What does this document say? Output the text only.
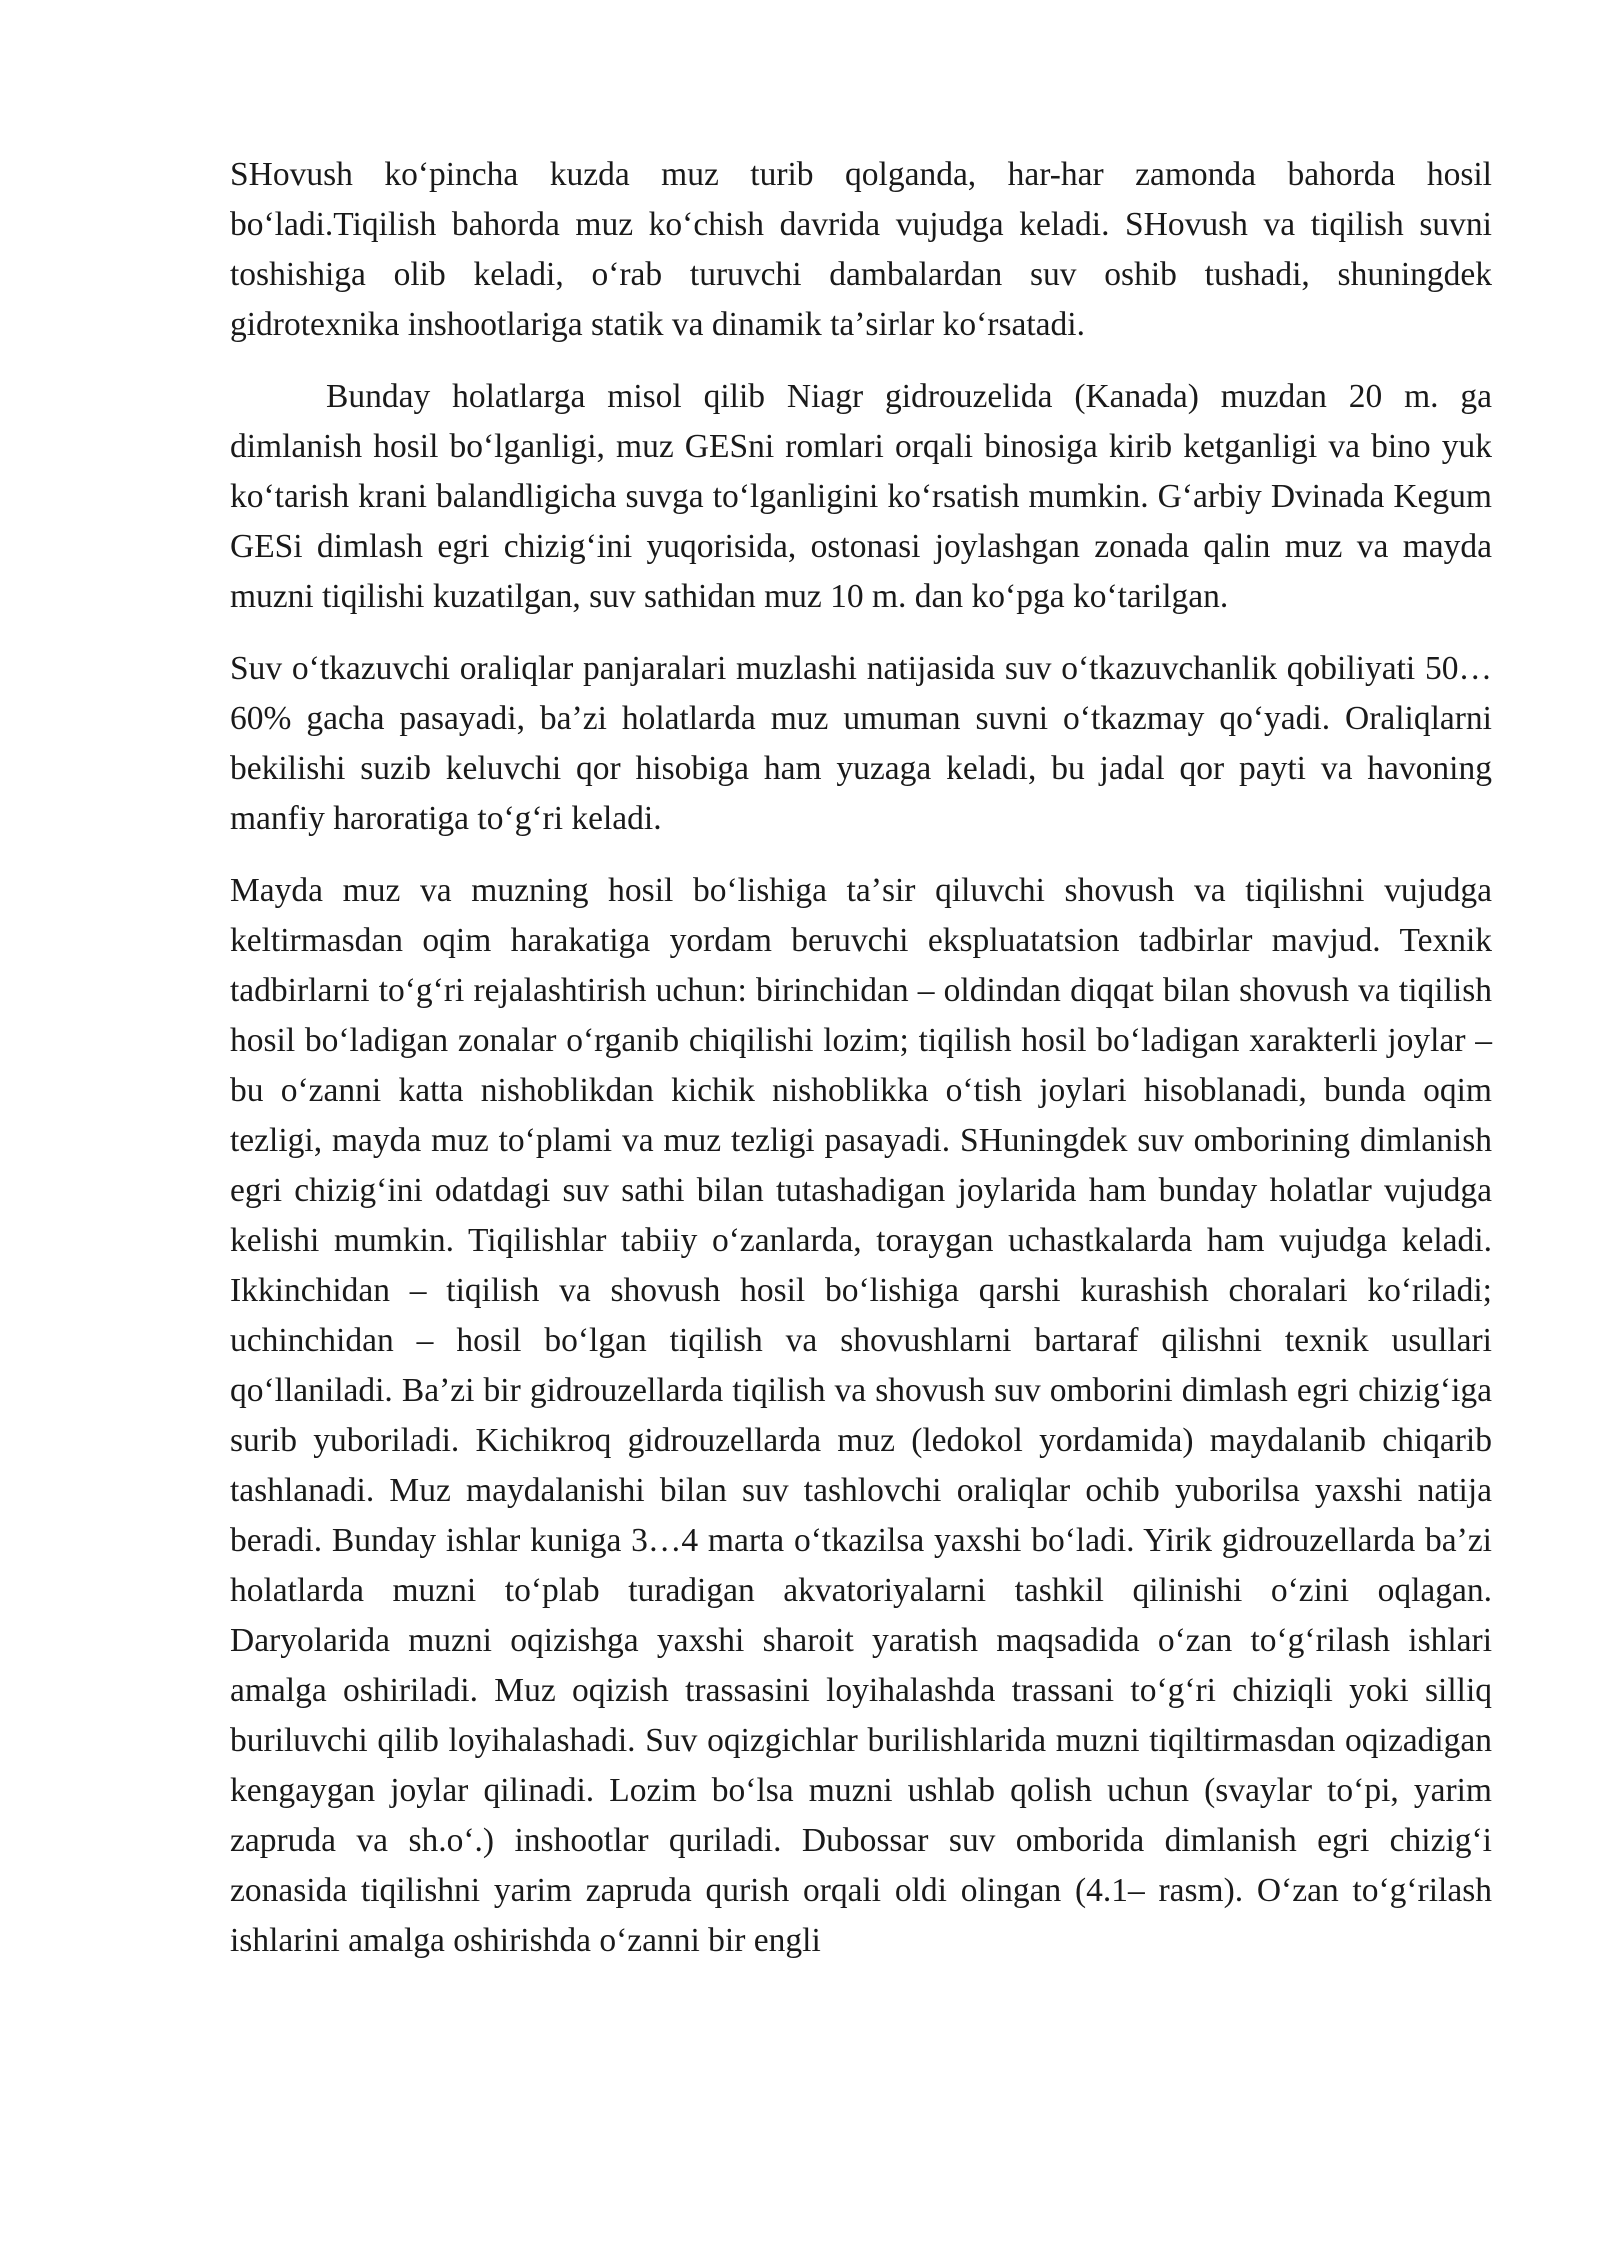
SHovush koʻpincha kuzda muz turib qolganda, har-har zamonda bahorda hosil boʻladi.Tiqilish bahorda muz koʻchish davrida vujudga keladi. SHovush va tiqilish suvni toshishiga olib keladi, oʻrab turuvchi dambalardan suv oshib tushadi, shuningdek gidrotexnika inshootlariga statik va dinamik taʼsirlar koʻrsatadi.

Bunday holatlarga misol qilib Niagr gidrouzelida (Kanada) muzdan 20 m. ga dimlanish hosil boʻlganligi, muz GESni romlari orqali binosiga kirib ketganligi va bino yuk koʻtarish krani balandligicha suvga toʻlganligini koʻrsatish mumkin. Gʻarbiy Dvinada Kegum GESi dimlash egri chizigʻini yuqorisida, ostonasi joylashgan zonada qalin muz va mayda muzni tiqilishi kuzatilgan, suv sathidan muz 10 m. dan koʻpga koʻtarilgan.

Suv oʻtkazuvchi oraliqlar panjaralari muzlashi natijasida suv oʻtkazuvchanlik qobiliyati 50…60% gacha pasayadi, baʼzi holatlarda muz umuman suvni oʻtkazmay qoʻyadi. Oraliqlarni bekilishi suzib keluvchi qor hisobiga ham yuzaga keladi, bu jadal qor payti va havoning manfiy haroratiga toʻgʻri keladi.

Mayda muz va muzning hosil boʻlishiga taʼsir qiluvchi shovush va tiqilishni vujudga keltirmasdan oqim harakatiga yordam beruvchi ekspluatatsion tadbirlar mavjud. Texnik tadbirlarni toʻgʻri rejalashtirish uchun: birinchidan – oldindan diqqat bilan shovush va tiqilish hosil boʻladigan zonalar oʻrganib chiqilishi lozim; tiqilish hosil boʻladigan xarakterli joylar – bu oʻzanni katta nishoblikdan kichik nishoblikka oʻtish joylari hisoblanadi, bunda oqim tezligi, mayda muz toʻplami va muz tezligi pasayadi. SHuningdek suv omborining dimlanish egri chizigʻini odatdagi suv sathi bilan tutashadigan joylarida ham bunday holatlar vujudga kelishi mumkin. Tiqilishlar tabiiy oʻzanlarda, toraygan uchastkalarda ham vujudga keladi. Ikkinchidan – tiqilish va shovush hosil boʻlishiga qarshi kurashish choralari koʻriladi; uchinchidan – hosil boʻlgan tiqilish va shovushlarni bartaraf qilishni texnik usullari qoʻllaniladi. Baʼzi bir gidrouzellarda tiqilish va shovush suv omborini dimlash egri chizigʻiga surib yuboriladi. Kichikroq gidrouzellarda muz (ledokol yordamida) maydalanib chiqarib tashlanadi. Muz maydalanishi bilan suv tashlovchi oraliqlar ochib yuborilsa yaxshi natija beradi. Bunday ishlar kuniga 3…4 marta oʻtkazilsa yaxshi boʻladi. Yirik gidrouzellarda baʼzi holatlarda muzni toʻplab turadigan akvatoriyalarni tashkil qilinishi oʻzini oqlagan. Daryolarida muzni oqizishga yaxshi sharoit yaratish maqsadida oʻzan toʻgʻrilash ishlari amalga oshiriladi. Muz oqizish trassasini loyihalashda trassani toʻgʻri chiziqli yoki silliq buriluvchi qilib loyihalashadi. Suv oqizgichlar burilishlarida muzni tiqiltirmasdan oqizadigan kengaygan joylar qilinadi. Lozim boʻlsa muzni ushlab qolish uchun (svaylar toʻpi, yarim zapruda va sh.oʻ.) inshootlar quriladi. Dubossar suv omborida dimlanish egri chizigʻi zonasida tiqilishni yarim zapruda qurish orqali oldi olingan (4.1– rasm). Oʻzan toʻgʻrilash ishlarini amalga oshirishda oʻzanni bir engli
